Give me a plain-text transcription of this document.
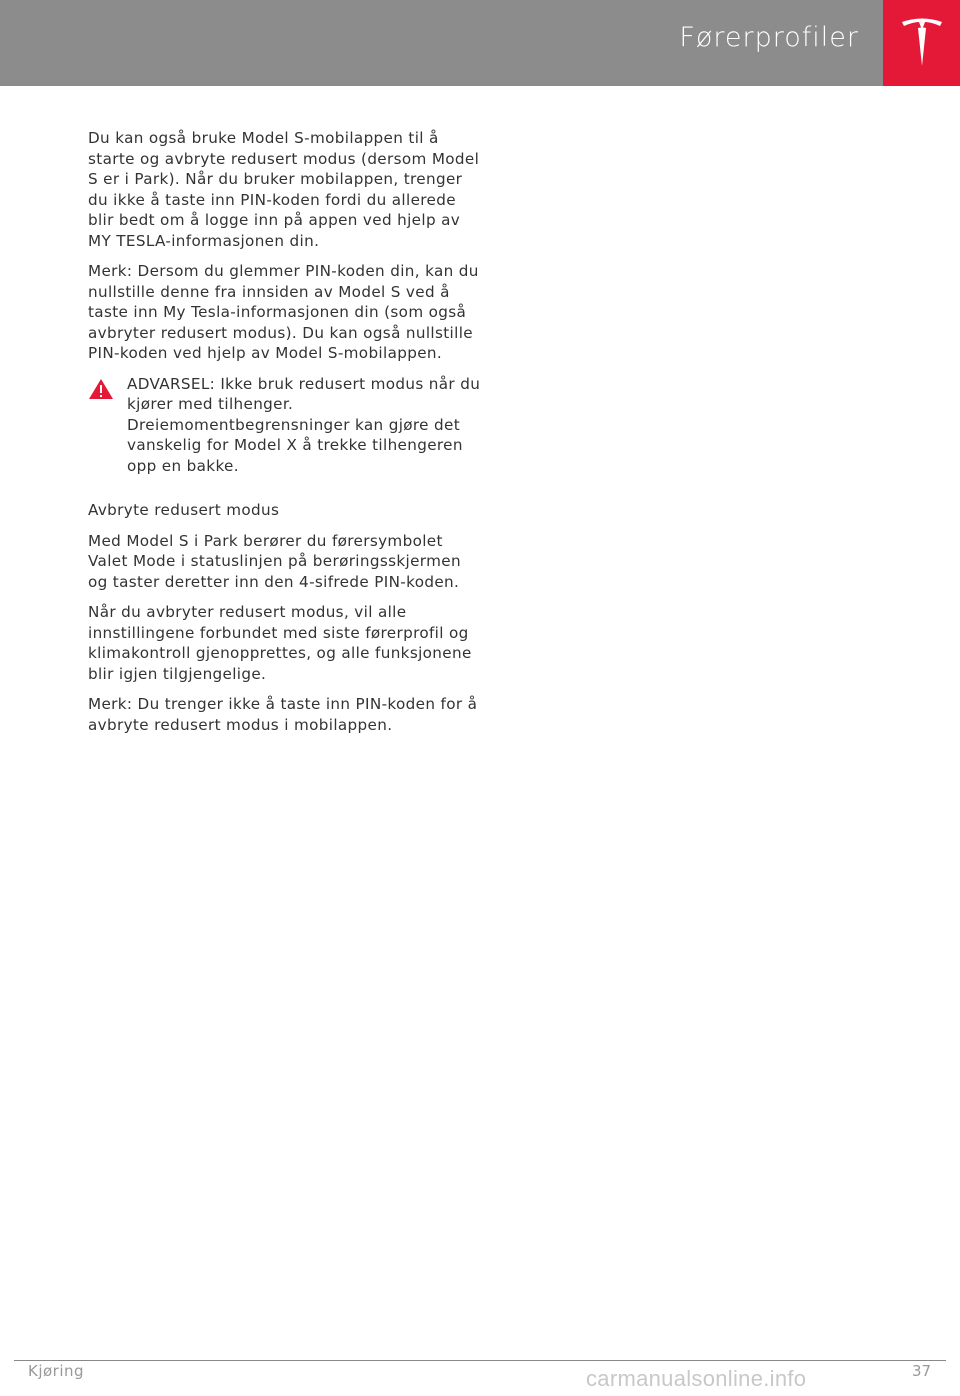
Førerprofiler

Du kan også bruke Model S-mobilappen til å starte og avbryte redusert modus (dersom Model S er i Park). Når du bruker mobilappen, trenger du ikke å taste inn PIN-koden fordi du allerede blir bedt om å logge inn på appen ved hjelp av MY TESLA-informasjonen din.

Merk: Dersom du glemmer PIN-koden din, kan du nullstille denne fra innsiden av Model S ved å taste inn My Tesla-informasjonen din (som også avbryter redusert modus). Du kan også nullstille PIN-koden ved hjelp av Model S-mobilappen.

ADVARSEL: Ikke bruk redusert modus når du kjører med tilhenger. Dreiemomentbegrensninger kan gjøre det vanskelig for Model X å trekke tilhengeren opp en bakke.

Avbryte redusert modus

Med Model S i Park berører du førersymbolet Valet Mode i statuslinjen på berøringsskjermen og taster deretter inn den 4-sifrede PIN-koden.

Når du avbryter redusert modus, vil alle innstillingene forbundet med siste førerprofil og klimakontroll gjenopprettes, og alle funksjonene blir igjen tilgjengelige.

Merk: Du trenger ikke å taste inn PIN-koden for å avbryte redusert modus i mobilappen.

Kjøring	37
carmanualsonline.info
